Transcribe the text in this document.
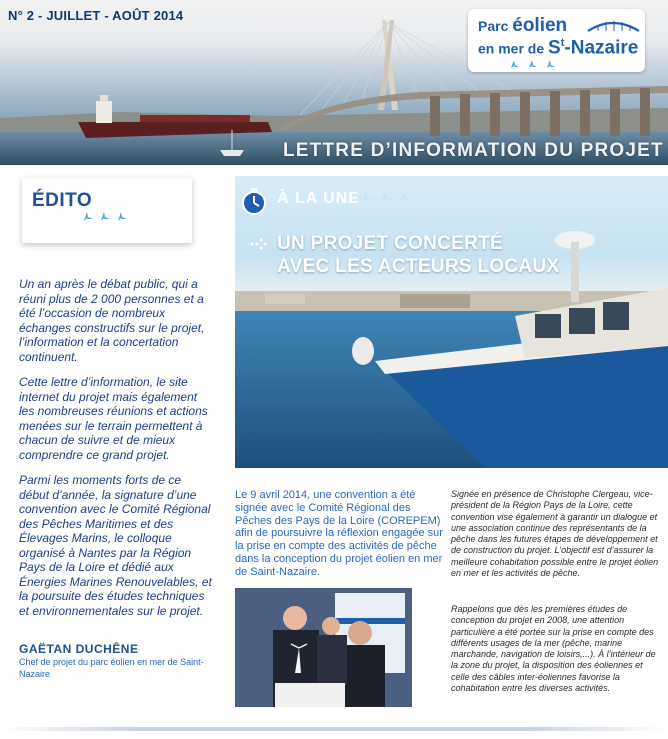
N° 2 - JUILLET - AOÛT 2014
Parc éolien
en mer de $S^t$-Nazaire
LETTRE D’INFORMATION DU PROJET
ÉDITO
Un an après le débat public, qui a réuni plus de 2 000 personnes et a été l’occasion de nombreux échanges constructifs sur le projet, l’information et la concertation continuent.
Cette lettre d’information, le site internet du projet mais également les nombreuses réunions et actions menées sur le terrain permettent à chacun de suivre et de mieux comprendre ce grand projet.
Parmi les moments forts de ce début d’année, la signature d’une convention avec le Comité Régional des Pêches Maritimes et des Élevages Marins, le colloque organisé à Nantes par la Région Pays de la Loire et dédié aux Énergies Marines Renouvelables, et la poursuite des études techniques et environnementales sur le projet.
GAËTAN DUCHÊNE
Chef de projet du parc éolien en mer de Saint-Nazaire
À LA UNE
UN PROJET CONCERTÉ
AVEC LES ACTEURS LOCAUX
Le 9 avril 2014, une convention a été signée avec le Comité Régional des Pêches des Pays de la Loire (COREPEM) afin de poursuivre la réflexion engagée sur la prise en compte des activités de pêche dans la conception du projet éolien en mer de Saint-Nazaire.
Signée en présence de Christophe Clergeau, vice-président de la Région Pays de la Loire, cette convention vise également à garantir un dialogue et une association continue des représentants de la pêche dans les futures étapes de développement et de construction du projet. L’objectif est d’assurer la meilleure cohabitation possible entre le projet éolien en mer et les activités de pêche.
Rappelons que dès les premières études de conception du projet en 2008, une attention particulière a été portée sur la prise en compte des différents usages de la mer (pêche, marine marchande, navigation de loisirs,...). À l’intérieur de la zone du projet, la disposition des éoliennes et celle des câbles inter-éoliennes favorise la cohabitation entre les diverses activités.
